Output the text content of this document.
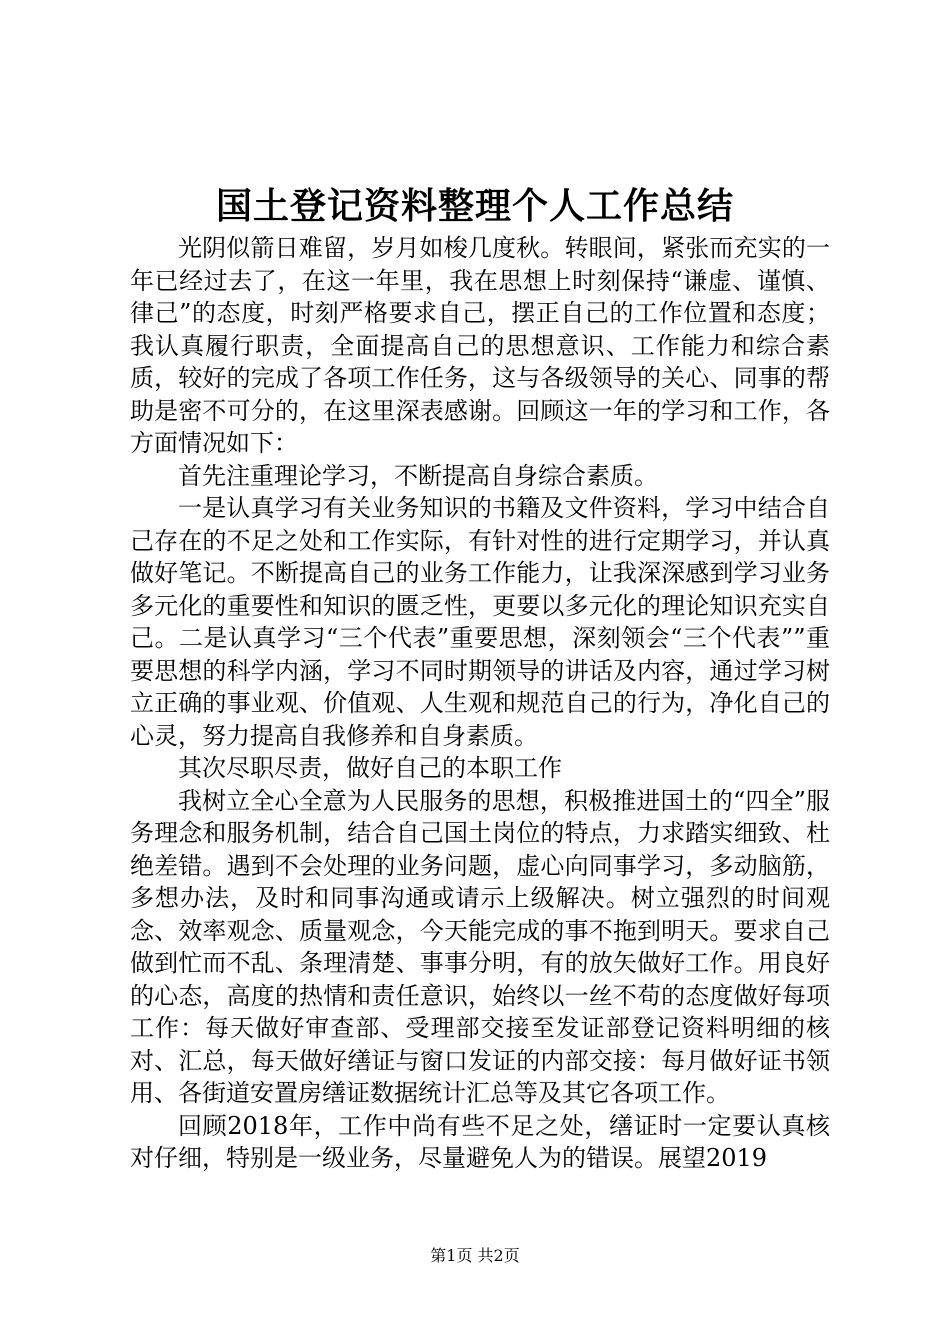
国土登记资料整理个人工作总结

光阴似箭日难留，岁月如梭几度秋。转眼间，紧张而充实的一年已经过去了，在这一年里，我在思想上时刻保持“谦虚、谨慎、律己”的态度，时刻严格要求自己，摆正自己的工作位置和态度；我认真履行职责，全面提高自己的思想意识、工作能力和综合素质，较好的完成了各项工作任务，这与各级领导的关心、同事的帮助是密不可分的，在这里深表感谢。回顾这一年的学习和工作，各方面情况如下：

首先注重理论学习，不断提高自身综合素质。

一是认真学习有关业务知识的书籍及文件资料，学习中结合自己存在的不足之处和工作实际，有针对性的进行定期学习，并认真做好笔记。不断提高自己的业务工作能力，让我深深感到学习业务多元化的重要性和知识的匮乏性，更要以多元化的理论知识充实自己。二是认真学习“三个代表”重要思想，深刻领会“三个代表””重要思想的科学内涵，学习不同时期领导的讲话及内容，通过学习树立正确的事业观、价值观、人生观和规范自己的行为，净化自己的心灵，努力提高自我修养和自身素质。

其次尽职尽责，做好自己的本职工作

我树立全心全意为人民服务的思想，积极推进国土的“四全”服务理念和服务机制，结合自己国土岗位的特点，力求踏实细致、杜绝差错。遇到不会处理的业务问题，虚心向同事学习，多动脑筋，多想办法，及时和同事沟通或请示上级解决。树立强烈的时间观念、效率观念、质量观念，今天能完成的事不拖到明天。要求自己做到忙而不乱、条理清楚、事事分明，有的放矢做好工作。用良好的心态，高度的热情和责任意识，始终以一丝不苟的态度做好每项工作：每天做好审查部、受理部交接至发证部登记资料明细的核对、汇总，每天做好缮证与窗口发证的内部交接：每月做好证书领用、各街道安置房缮证数据统计汇总等及其它各项工作。

回顾2018年，工作中尚有些不足之处，缮证时一定要认真核对仔细，特别是一级业务，尽量避免人为的错误。展望2019

第1页 共2页
